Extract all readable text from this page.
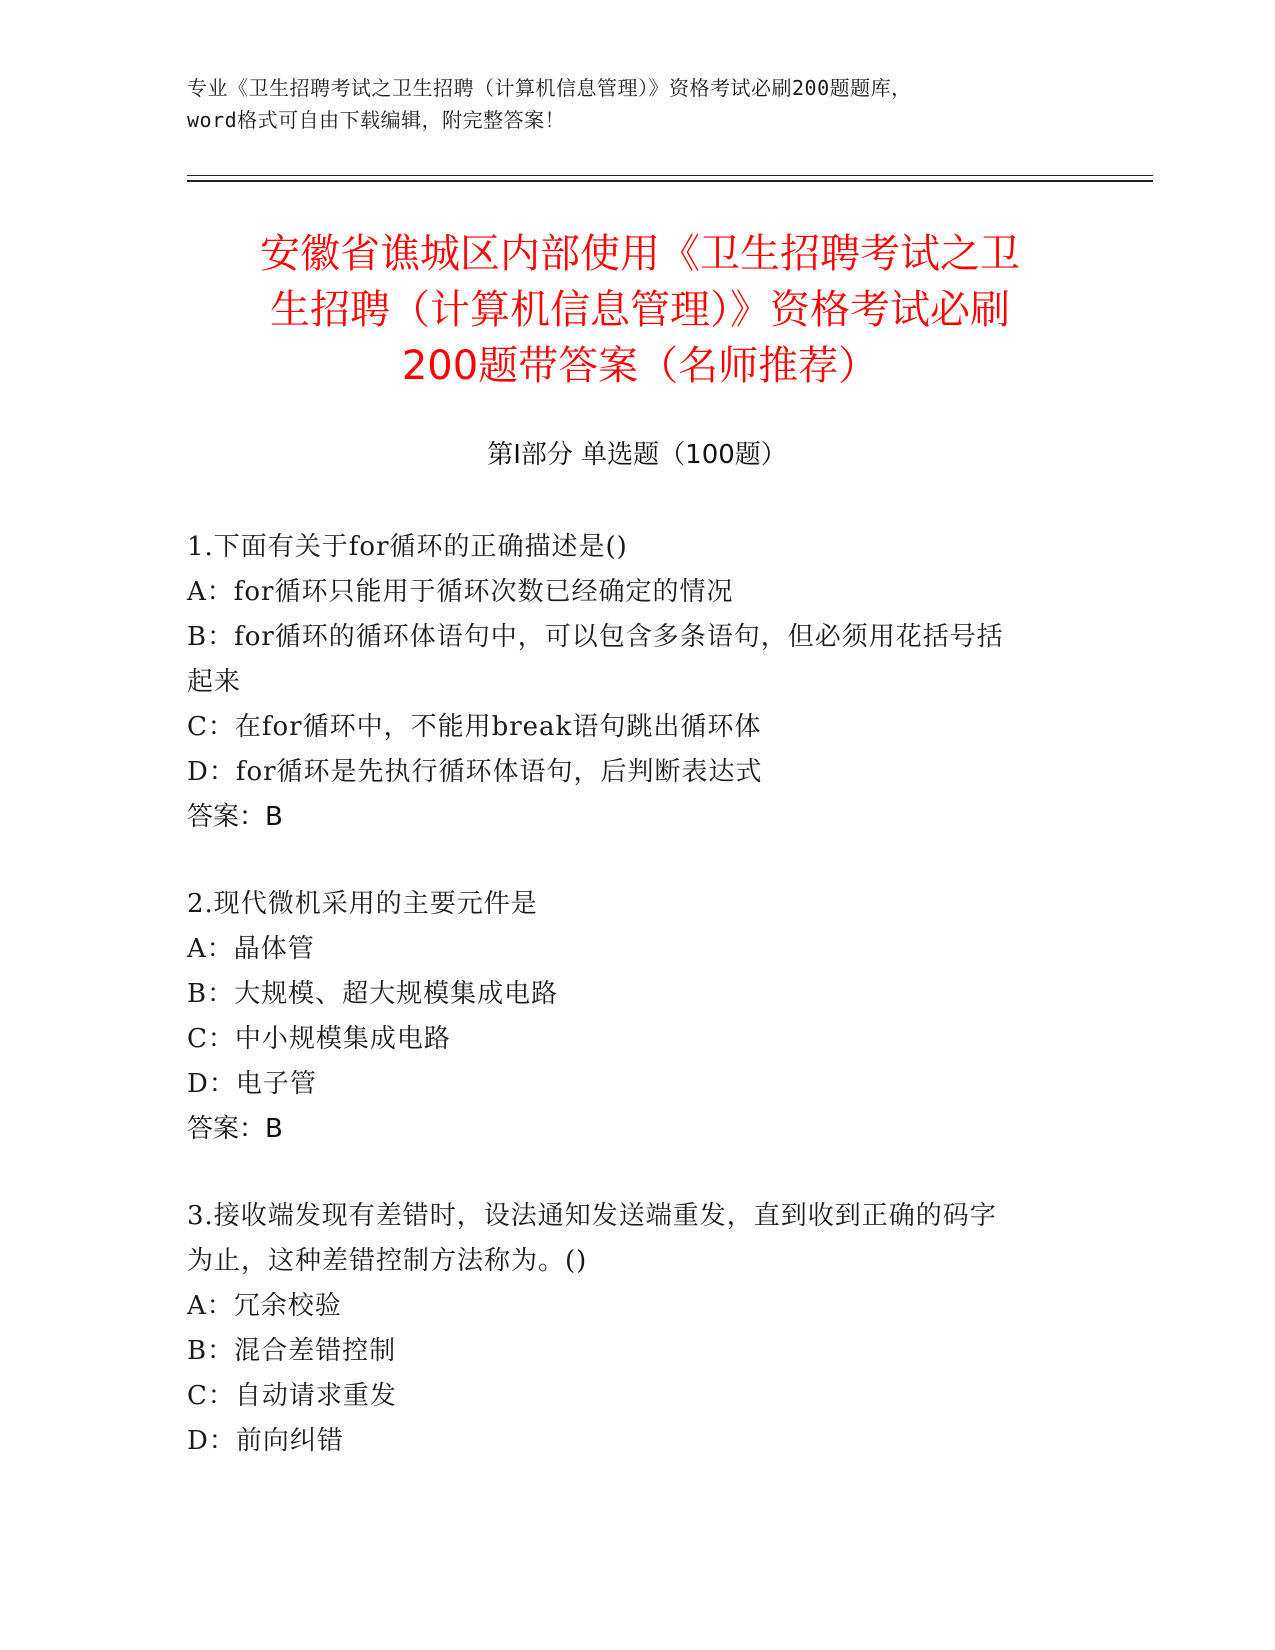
专业《卫生招聘考试之卫生招聘（计算机信息管理）》资格考试必刷200题题库，
word格式可自由下载编辑，附完整答案！
安徽省谯城区内部使用《卫生招聘考试之卫
生招聘（计算机信息管理）》资格考试必刷
200题带答案（名师推荐）
第Ⅰ部分 单选题（100题）
1.下面有关于for循环的正确描述是()
A：for循环只能用于循环次数已经确定的情况
B：for循环的循环体语句中，可以包含多条语句，但必须用花括号括
起来
C：在for循环中，不能用break语句跳出循环体
D：for循环是先执行循环体语句，后判断表达式
答案：B
2.现代微机采用的主要元件是
A：晶体管
B：大规模、超大规模集成电路
C：中小规模集成电路
D：电子管
答案：B
3.接收端发现有差错时，设法通知发送端重发，直到收到正确的码字
为止，这种差错控制方法称为。()
A：冗余校验
B：混合差错控制
C：自动请求重发
D：前向纠错
